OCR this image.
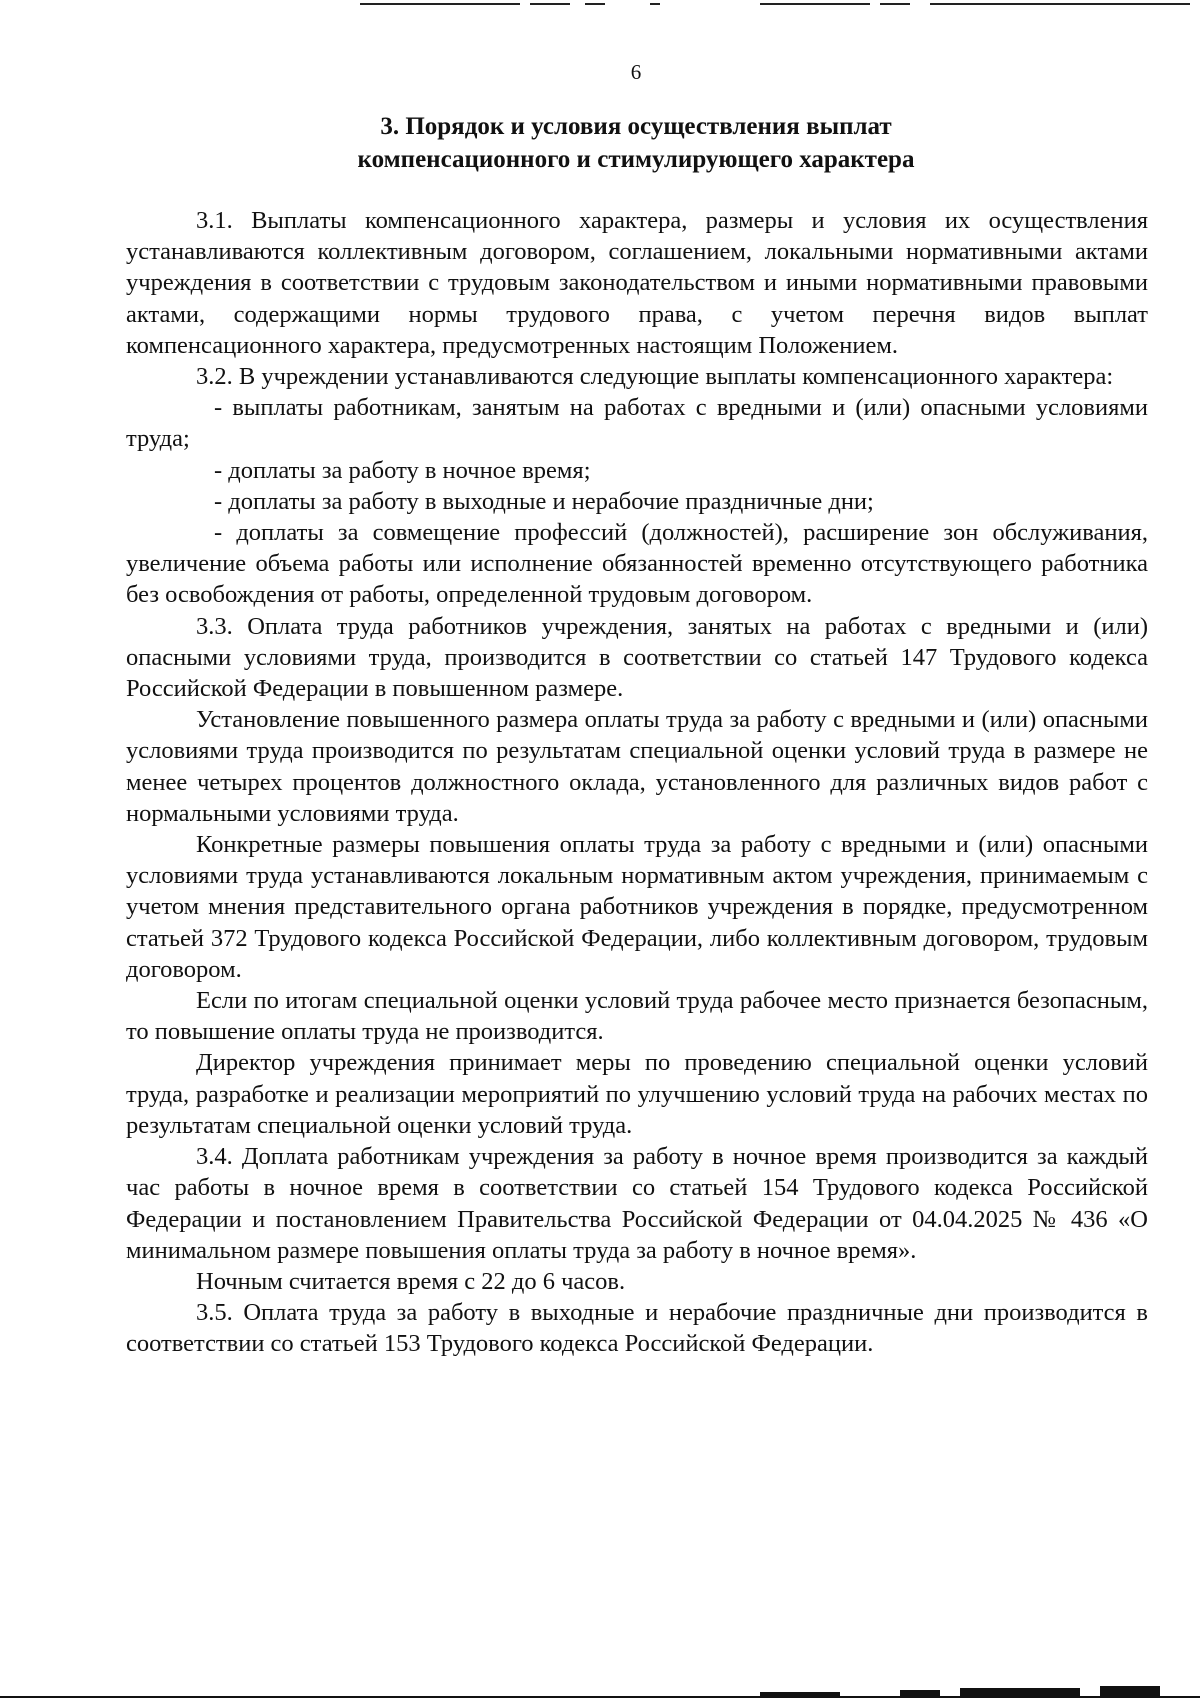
6
3. Порядок и условия осуществления выплат
компенсационного и стимулирующего характера

3.1. Выплаты компенсационного характера, размеры и условия их осуществления устанавливаются коллективным договором, соглашением, локальными нормативными актами учреждения в соответствии с трудовым законодательством и иными нормативными правовыми актами, содержащими нормы трудового права, с учетом перечня видов выплат компенсационного характера, предусмотренных настоящим Положением.

3.2. В учреждении устанавливаются следующие выплаты компенсационного характера:

- выплаты работникам, занятым на работах с вредными и (или) опасными условиями труда;

- доплаты за работу в ночное время;

- доплаты за работу в выходные и нерабочие праздничные дни;

- доплаты за совмещение профессий (должностей), расширение зон обслуживания, увеличение объема работы или исполнение обязанностей временно отсутствующего работника без освобождения от работы, определенной трудовым договором.

3.3. Оплата труда работников учреждения, занятых на работах с вредными и (или) опасными условиями труда, производится в соответствии со статьей 147 Трудового кодекса Российской Федерации в повышенном размере.

Установление повышенного размера оплаты труда за работу с вредными и (или) опасными условиями труда производится по результатам специальной оценки условий труда в размере не менее четырех процентов должностного оклада, установленного для различных видов работ с нормальными условиями труда.

Конкретные размеры повышения оплаты труда за работу с вредными и (или) опасными условиями труда устанавливаются локальным нормативным актом учреждения, принимаемым с учетом мнения представительного органа работников учреждения в порядке, предусмотренном статьей 372 Трудового кодекса Российской Федерации, либо коллективным договором, трудовым договором.

Если по итогам специальной оценки условий труда рабочее место признается безопасным, то повышение оплаты труда не производится.

Директор учреждения принимает меры по проведению специальной оценки условий труда, разработке и реализации мероприятий по улучшению условий труда на рабочих местах по результатам специальной оценки условий труда.

3.4. Доплата работникам учреждения за работу в ночное время производится за каждый час работы в ночное время в соответствии со статьей 154 Трудового кодекса Российской Федерации и постановлением Правительства Российской Федерации от 04.04.2025 № 436 «О минимальном размере повышения оплаты труда за работу в ночное время».

Ночным считается время с 22 до 6 часов.

3.5. Оплата труда за работу в выходные и нерабочие праздничные дни производится в соответствии со статьей 153 Трудового кодекса Российской Федерации.
